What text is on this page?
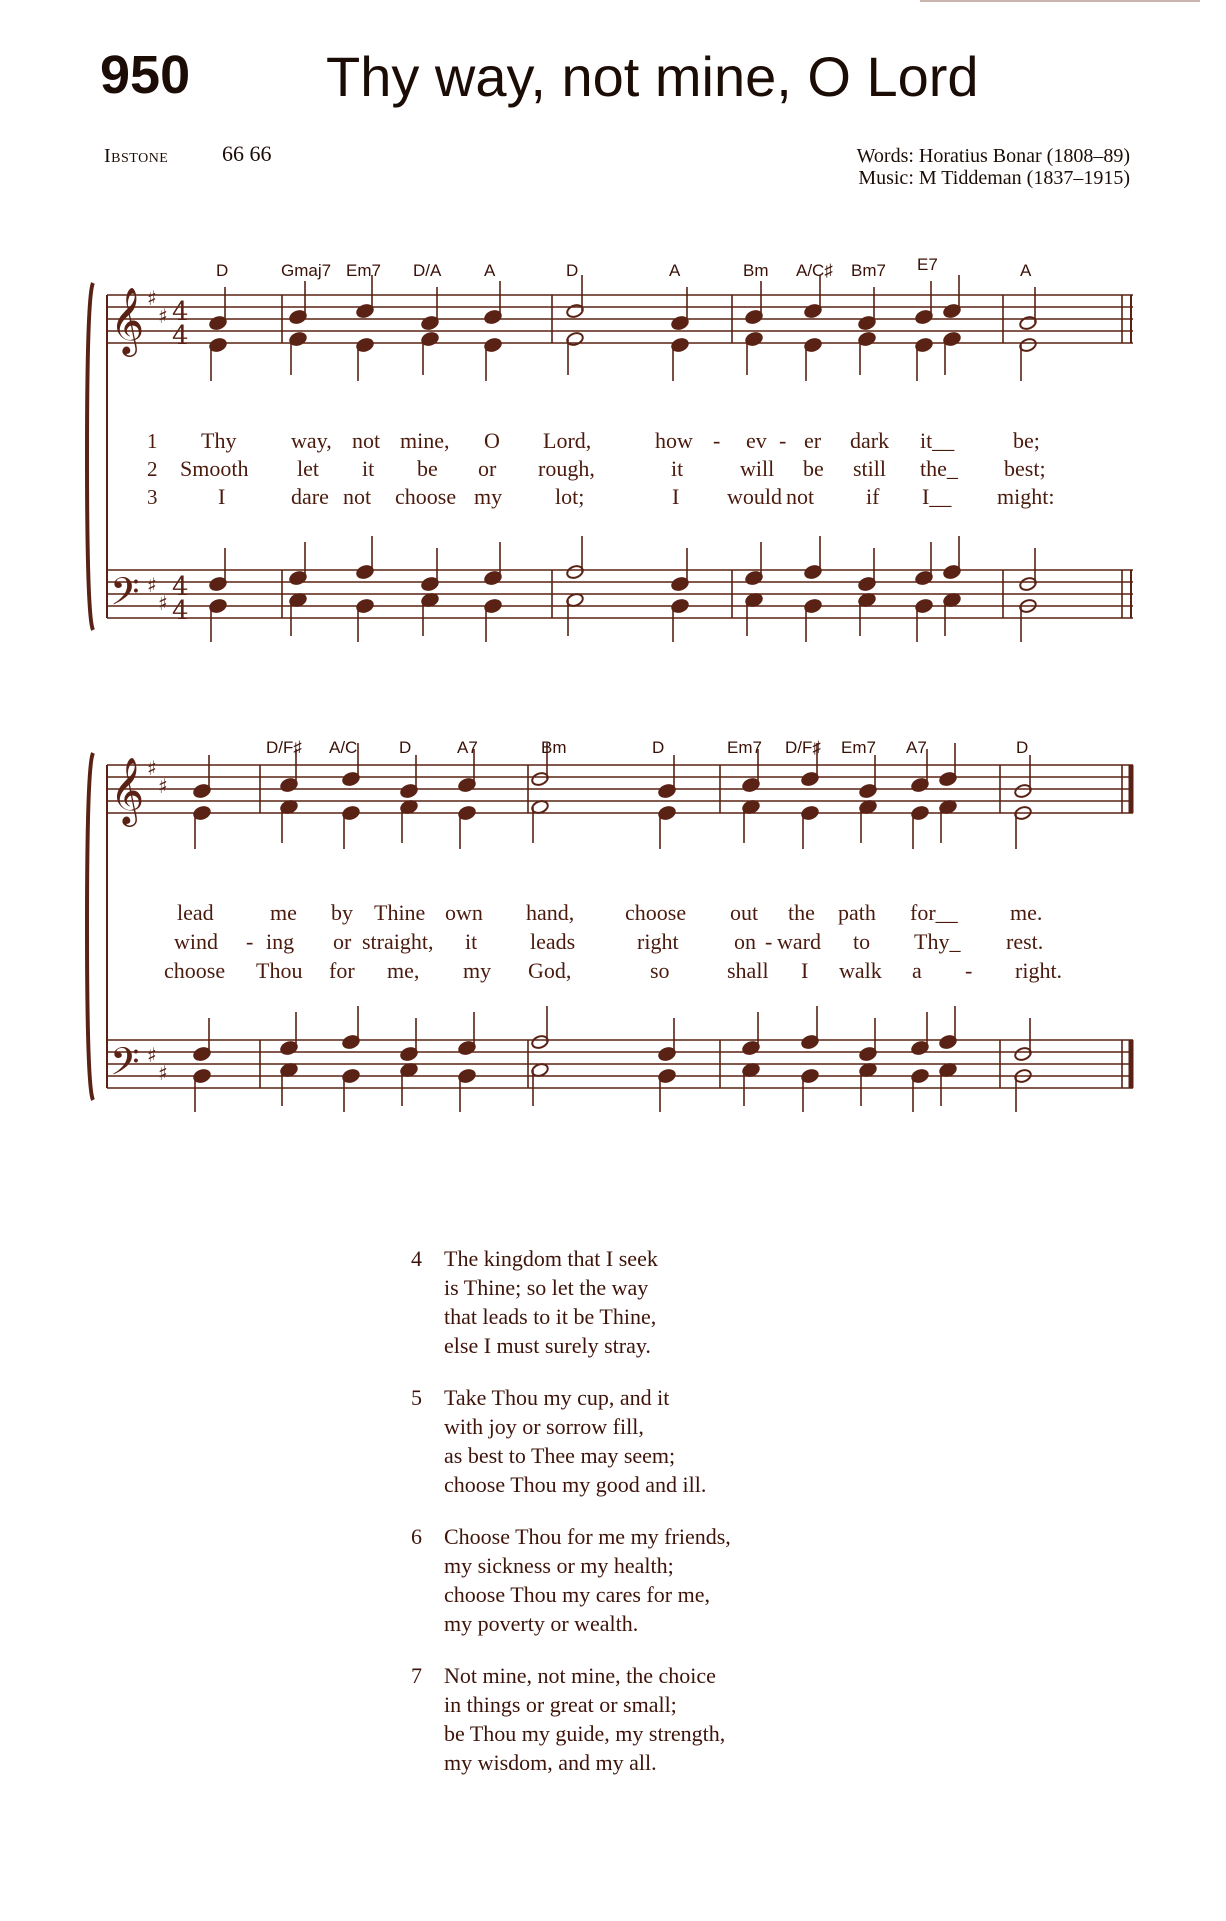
950 Thy way, not mine, O Lord
Ibstone 66 66	Words: Horatius Bonar (1808–89)
Music: M Tiddeman (1837–1915)
𝄞
𝄢
𝄞
𝄢
♯
♯
♯
♯
♯
♯
♯
♯
4
4
4
4
D	Gmaj7 Em7 D/A	A	D	A	Bm A/C♯ Bm7 E7	A
1
2
3
Thy way, not mine, O Lord,	how - ev - er dark it__	be;
Smooth let it be or rough,	it	will be still the_ best;
I	dare not choose my lot;	I would not if I__ might:
D/F♯ A/C D	A7	Bm	D	Em7 D/F♯ Em7 A7	D
lead	me by Thine own hand, choose out the path for__ me.
wind - ing or straight, it leads	right	on - ward to Thy_ rest.
choose Thou for me, my God,	so	shall I walk a - right.
4	The kingdom that I seek
is Thine; so let the way
that leads to it be Thine,
else I must surely stray.
5	Take Thou my cup, and it
with joy or sorrow fill,
as best to Thee may seem;
choose Thou my good and ill.
6	Choose Thou for me my friends,
my sickness or my health;
choose Thou my cares for me,
my poverty or wealth.
7	Not mine, not mine, the choice
in things or great or small;
be Thou my guide, my strength,
my wisdom, and my all.
